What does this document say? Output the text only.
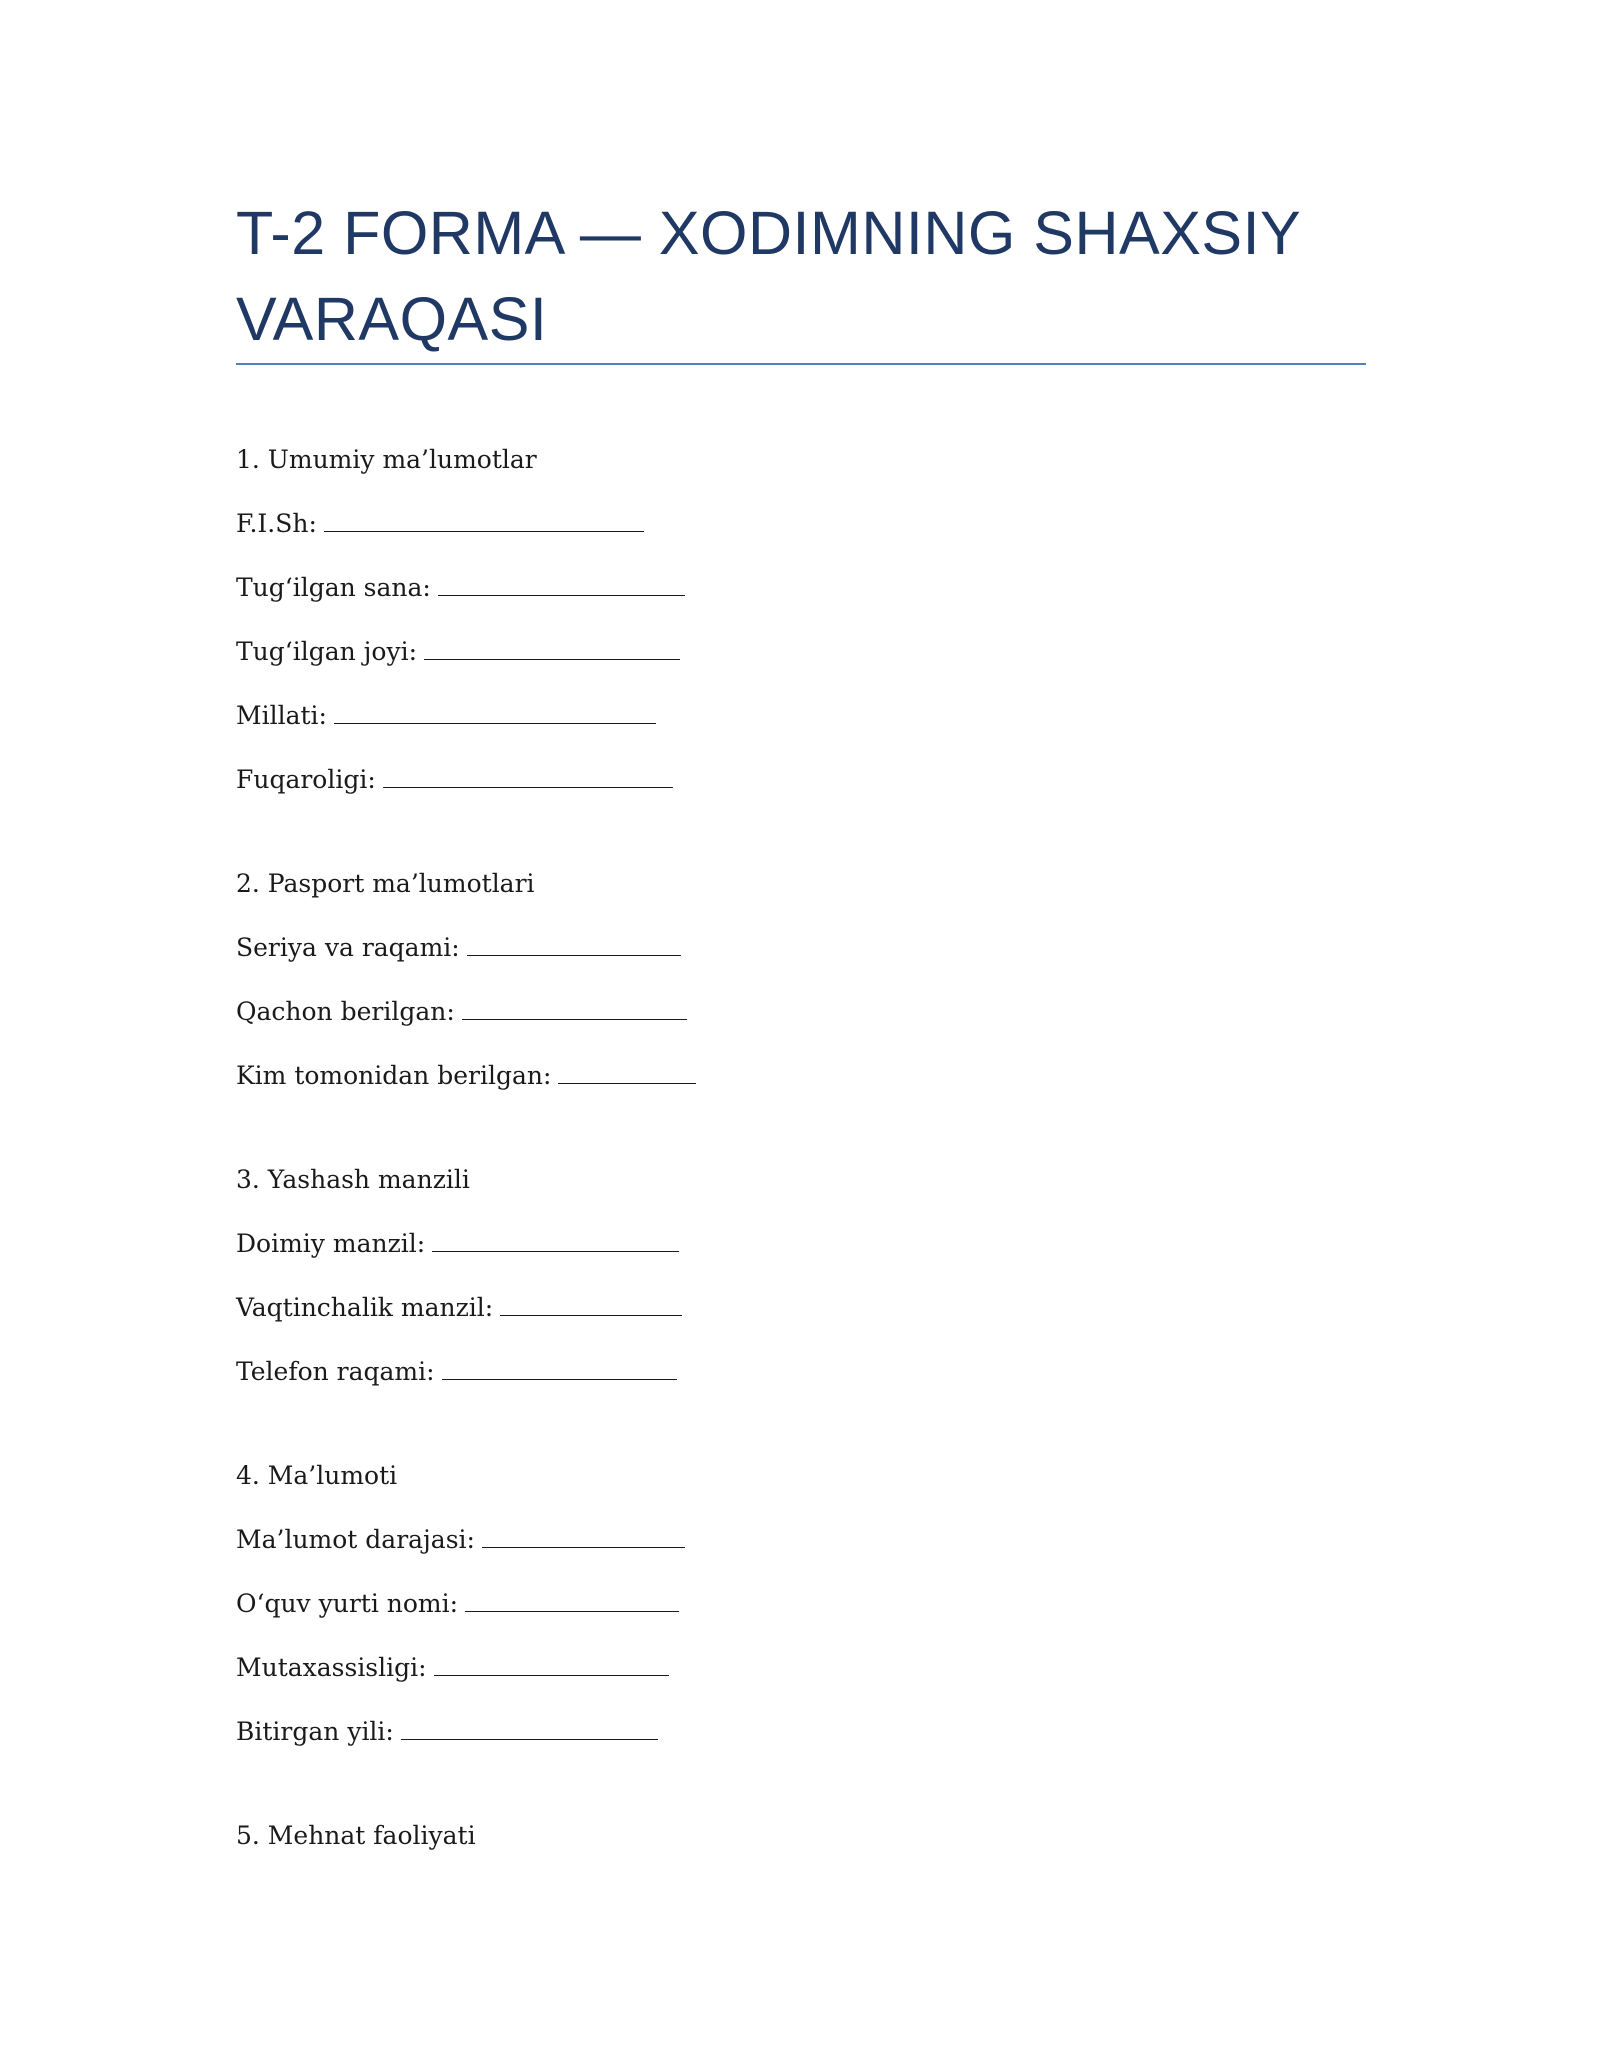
T-2 FORMA — XODIMNING SHAXSIY VARAQASI
1. Umumiy ma’lumotlar
F.I.Sh:
Tug‘ilgan sana:
Tug‘ilgan joyi:
Millati:
Fuqaroligi:
2. Pasport ma’lumotlari
Seriya va raqami:
Qachon berilgan:
Kim tomonidan berilgan:
3. Yashash manzili
Doimiy manzil:
Vaqtinchalik manzil:
Telefon raqami:
4. Ma’lumoti
Ma’lumot darajasi:
O‘quv yurti nomi:
Mutaxassisligi:
Bitirgan yili:
5. Mehnat faoliyati
